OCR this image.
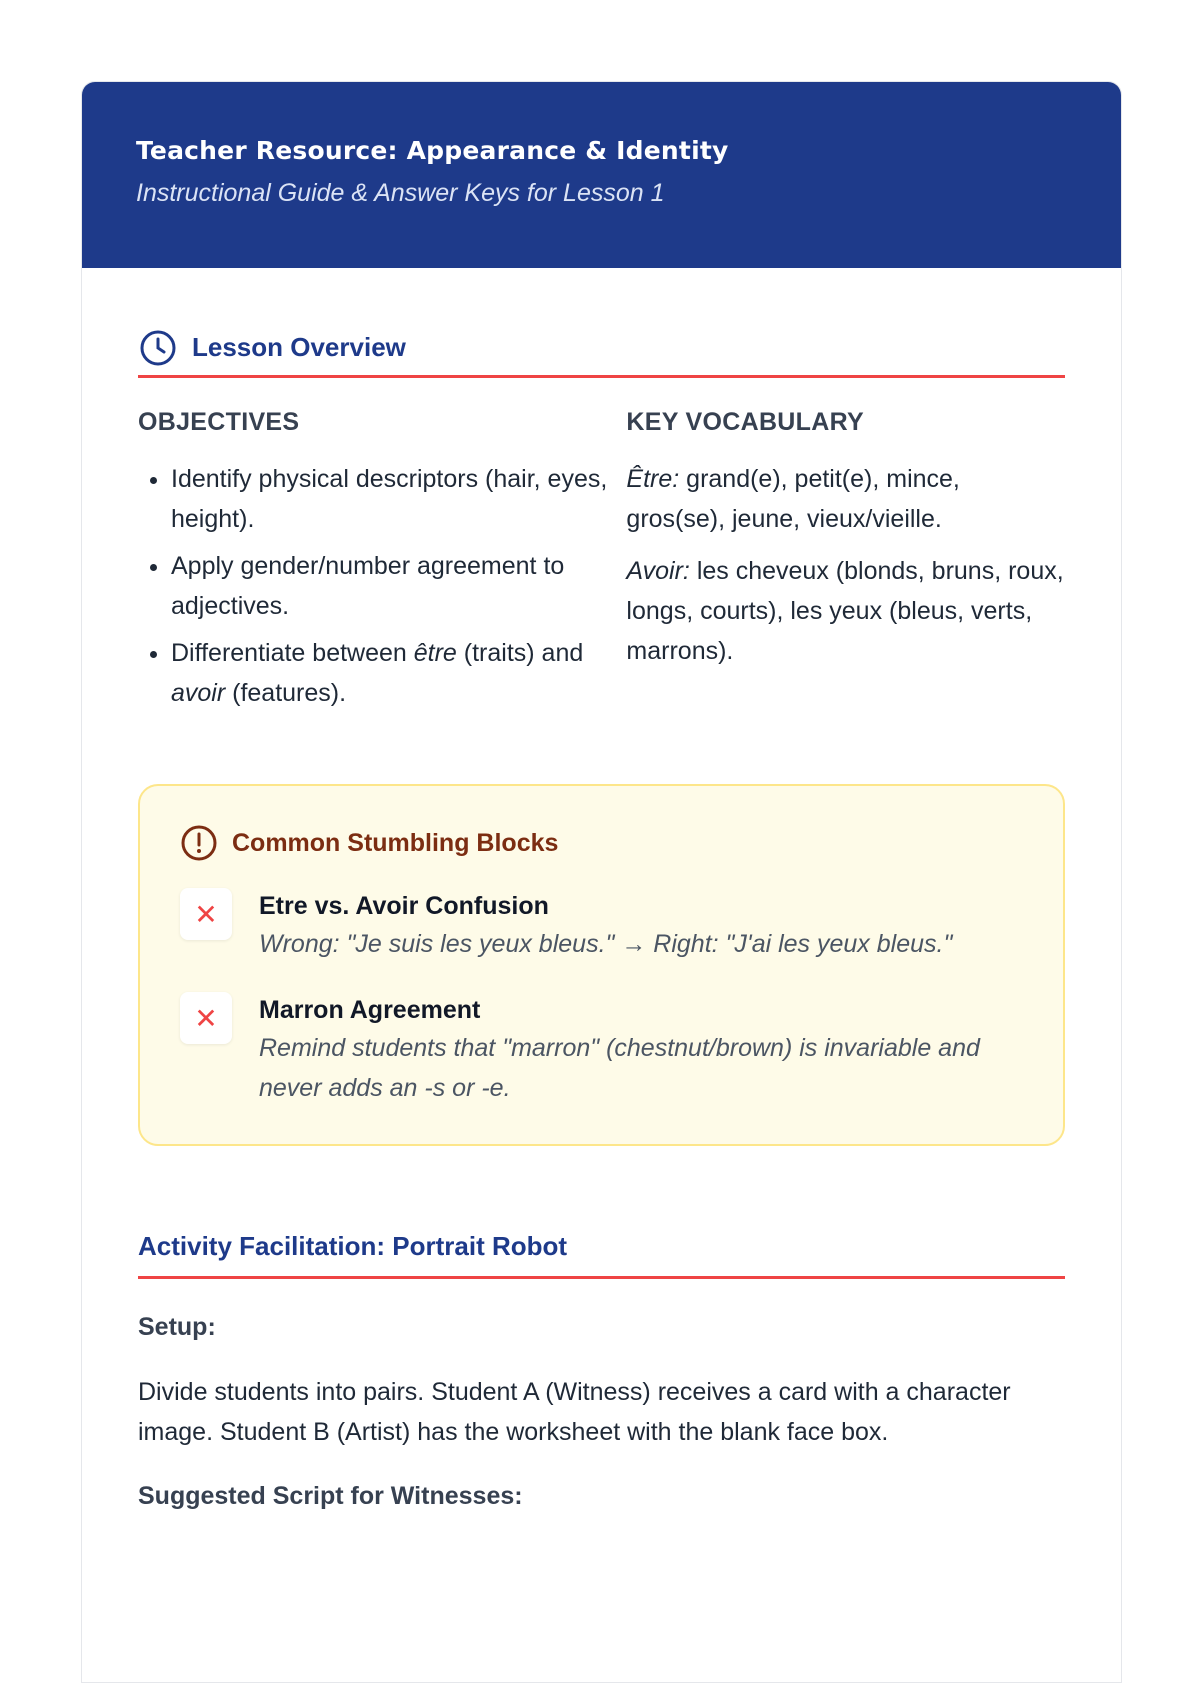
Teacher Resource: Appearance & Identity
Instructional Guide & Answer Keys for Lesson 1
Lesson Overview
OBJECTIVES
• Identify physical descriptors (hair, eyes, height).
• Apply gender/number agreement to adjectives.
• Differentiate between être (traits) and avoir (features).
KEY VOCABULARY

Être: grand(e), petit(e), mince, gros(se), jeune, vieux/vieille.

Avoir: les cheveux (blonds, bruns, roux, longs, courts), les yeux (bleus, verts, marrons).

Common Stumbling Blocks
✕	Etre vs. Avoir Confusion
Wrong: "Je suis les yeux bleus." → Right: "J'ai les yeux bleus."
✕	Marron Agreement
Remind students that "marron" (chestnut/brown) is invariable and never adds an -s or -e.
Activity Facilitation: Portrait Robot
Setup:
Divide students into pairs. Student A (Witness) receives a card with a character image. Student B (Artist) has the worksheet with the blank face box.
Suggested Script for Witnesses:
